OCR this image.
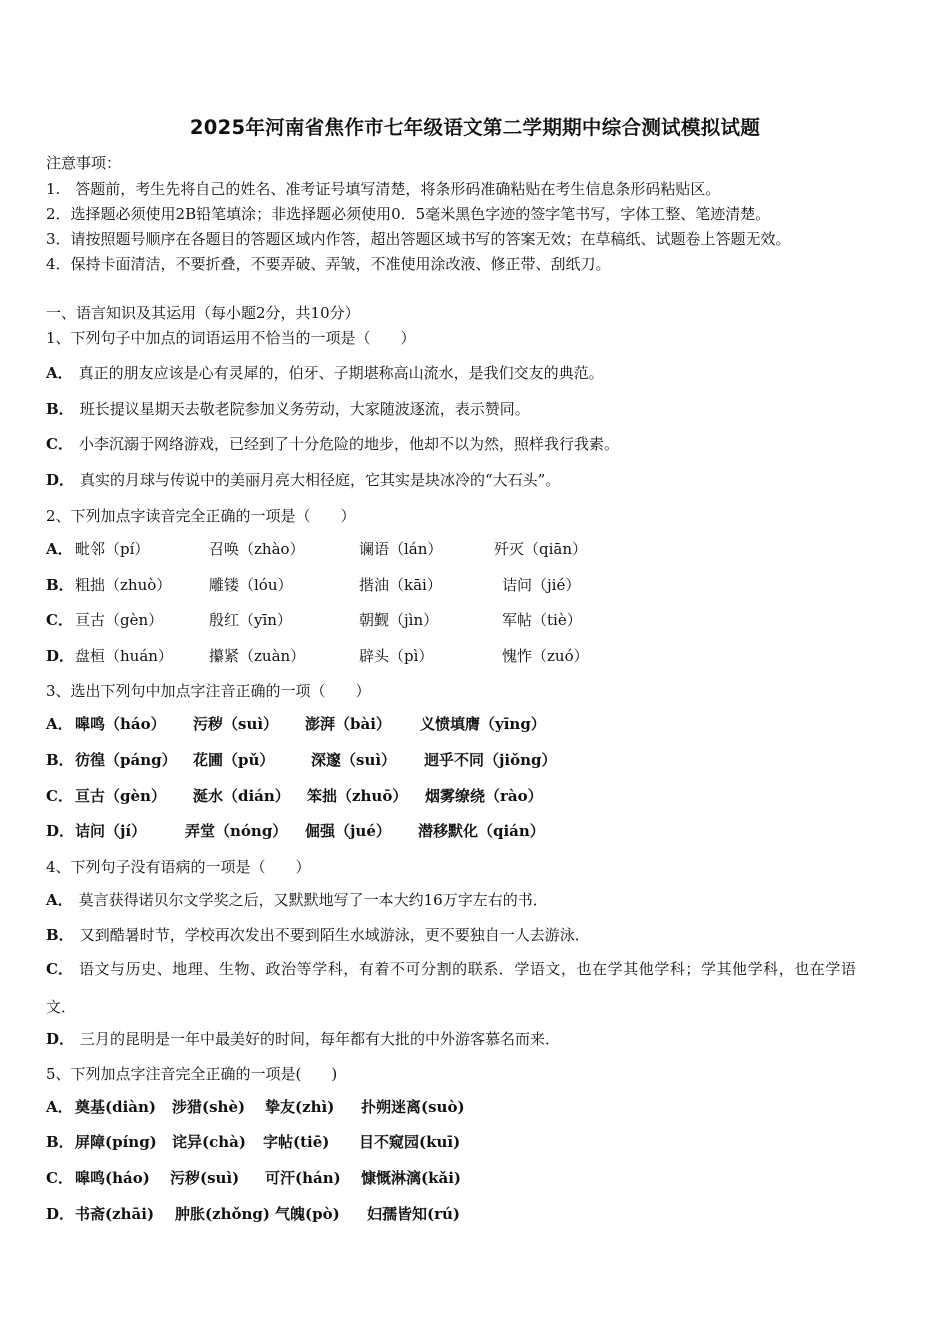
2025年河南省焦作市七年级语文第二学期期中综合测试模拟试题
注意事项：
1.　答题前，考生先将自己的姓名、准考证号填写清楚，将条形码准确粘贴在考生信息条形码粘贴区。
2．选择题必须使用2B铅笔填涂；非选择题必须使用0．5毫米黑色字迹的签字笔书写，字体工整、笔迹清楚。
3．请按照题号顺序在各题目的答题区域内作答，超出答题区域书写的答案无效；在草稿纸、试题卷上答题无效。
4．保持卡面清洁，不要折叠，不要弄破、弄皱，不准使用涂改液、修正带、刮纸刀。
一、语言知识及其运用（每小题2分，共10分）
1、下列句子中加点的词语运用不恰当的一项是（　　）
A． 真正的朋友应该是心有灵犀的，伯牙、子期堪称高山流水，是我们交友的典范。
B． 班长提议星期天去敬老院参加义务劳动，大家随波逐流，表示赞同。
C． 小李沉溺于网络游戏，已经到了十分危险的地步，他却不以为然，照样我行我素。
D． 真实的月球与传说中的美丽月亮大相径庭，它其实是块冰冷的“大石头”。
2、下列加点字读音完全正确的一项是（　　）
A． 毗邻（pí）	召唤（zhào）	谰语（lán）	歼灭（qiān）
B． 粗拙（zhuò）	雕镂（lóu）	揩油（kāi）	诘问（jié）
C． 亘古（gèn）	殷红（yīn）	朝觐（jìn）	军帖（tiè）
D． 盘桓（huán） 攥紧（zuàn）	辟头（pì）	愧怍（zuó）
3、选出下列句中加点字注音正确的一项（　　）
A． 嗥鸣（háo） 污秽（suì） 澎湃（bài） 义愤填膺（yīng）
B． 彷徨（páng） 花圃（pǔ） 深邃（suì） 迥乎不同（jiǒng）
C． 亘古（gèn） 涎水（dián） 笨拙（zhuō） 烟雾缭绕（rào）
D． 诘问（jí）	弄堂（nóng） 倔强（jué） 潜移默化（qián）
4、下列句子没有语病的一项是（　　）
A． 莫言获得诺贝尔文学奖之后，又默默地写了一本大约16万字左右的书．
B． 又到酷暑时节，学校再次发出不要到陌生水域游泳，更不要独自一人去游泳．
C． 语文与历史、地理、生物、政治等学科，有着不可分割的联系．学语文，也在学其他学科；学其他学科，也在学语
文．
D． 三月的昆明是一年中最美好的时间，每年都有大批的中外游客慕名而来．
5、下列加点字注音完全正确的一项是(　　)
A． 奠基(diàn) 涉猎(shè) 挚友(zhì) 扑朔迷离(suò)
B． 屏障(píng) 诧异(chà) 字帖(tiē) 目不窥园(kuī)
C． 嗥鸣(háo) 污秽(suì) 可汗(hán) 慷慨淋漓(kǎi)
D． 书斋(zhāi) 肿胀(zhǒng) 气魄(pò) 妇孺皆知(rú)
